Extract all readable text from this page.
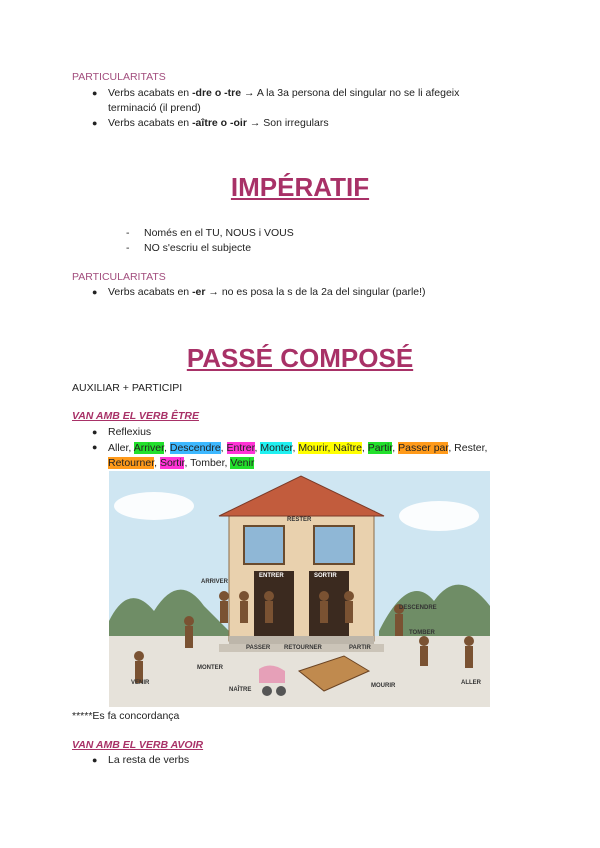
PARTICULARITATS
● Verbs acabats en -dre o -tre → A la 3a persona del singular no se li afegeix
terminació (il prend)
● Verbs acabats en -aître o -oir → Son irregulars
IMPÉRATIF
- Només en el TU, NOUS i VOUS
- NO s'escriu el subjecte
PARTICULARITATS
● Verbs acabats en -er → no es posa la s de la 2a del singular (parle!)
PASSÉ COMPOSÉ
AUXILIAR + PARTICIPI
VAN AMB EL VERB ÊTRE
● Reflexius
● Aller, Arriver, Descendre, Entrer, Monter, Mourir, Naître, Partir, Passer par, Rester,
Retourner, Sortir, Tomber, Venir
RESTER
ENTRER	SORTIR
ARRIVER
DESCENDRE
TOMBER
PASSER RETOURNER	PARTIR
MONTER
VENIR
NAÎTRE
MOURIR	ALLER
*****Es fa concordança
VAN AMB EL VERB AVOIR
● La resta de verbs
